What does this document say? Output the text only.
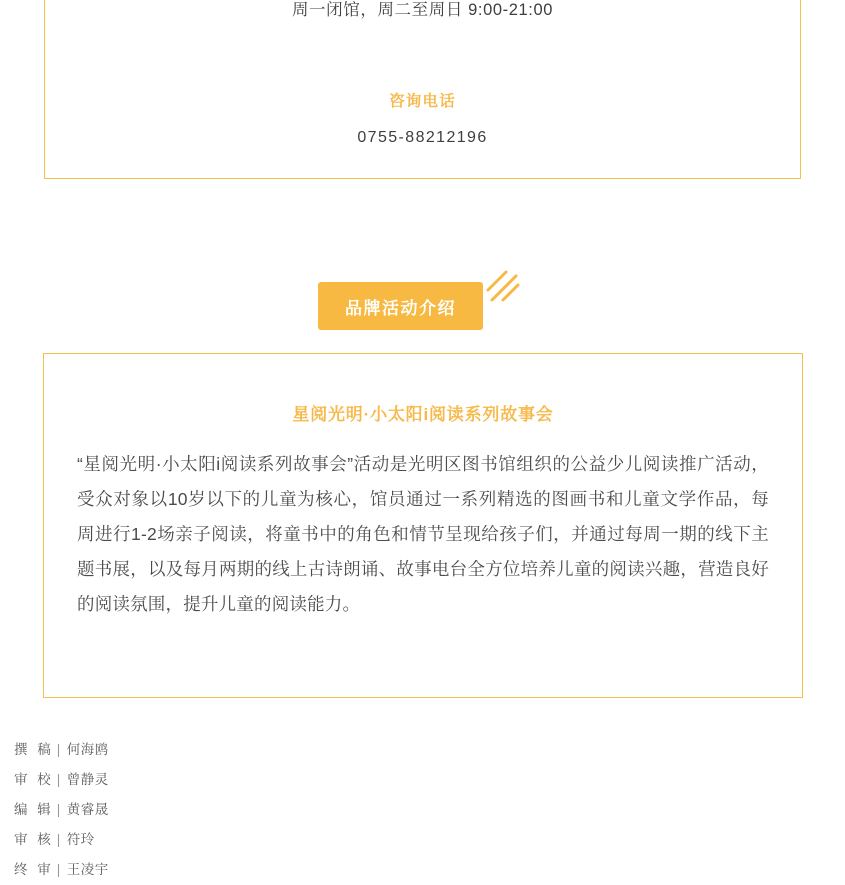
周一闭馆，周二至周日 9:00-21:00
咨询电话
0755-88212196
品牌活动介绍
星阅光明·小太阳i阅读系列故事会
“星阅光明·小太阳i阅读系列故事会”活动是光明区图书馆组织的公益少儿阅读推广活动，受众对象以10岁以下的儿童为核心，馆员通过一系列精选的图画书和儿童文学作品，每周进行1-2场亲子阅读，将童书中的角色和情节呈现给孩子们，并通过每周一期的线下主题书展，以及每月两期的线上古诗朗诵、故事电台全方位培养儿童的阅读兴趣，营造良好的阅读氛围，提升儿童的阅读能力。
撰 稿 | 何海鸥
审 校 | 曾静灵
编 辑 | 黄睿晟
审 核 | 符玲
终 审 | 王凌宇
